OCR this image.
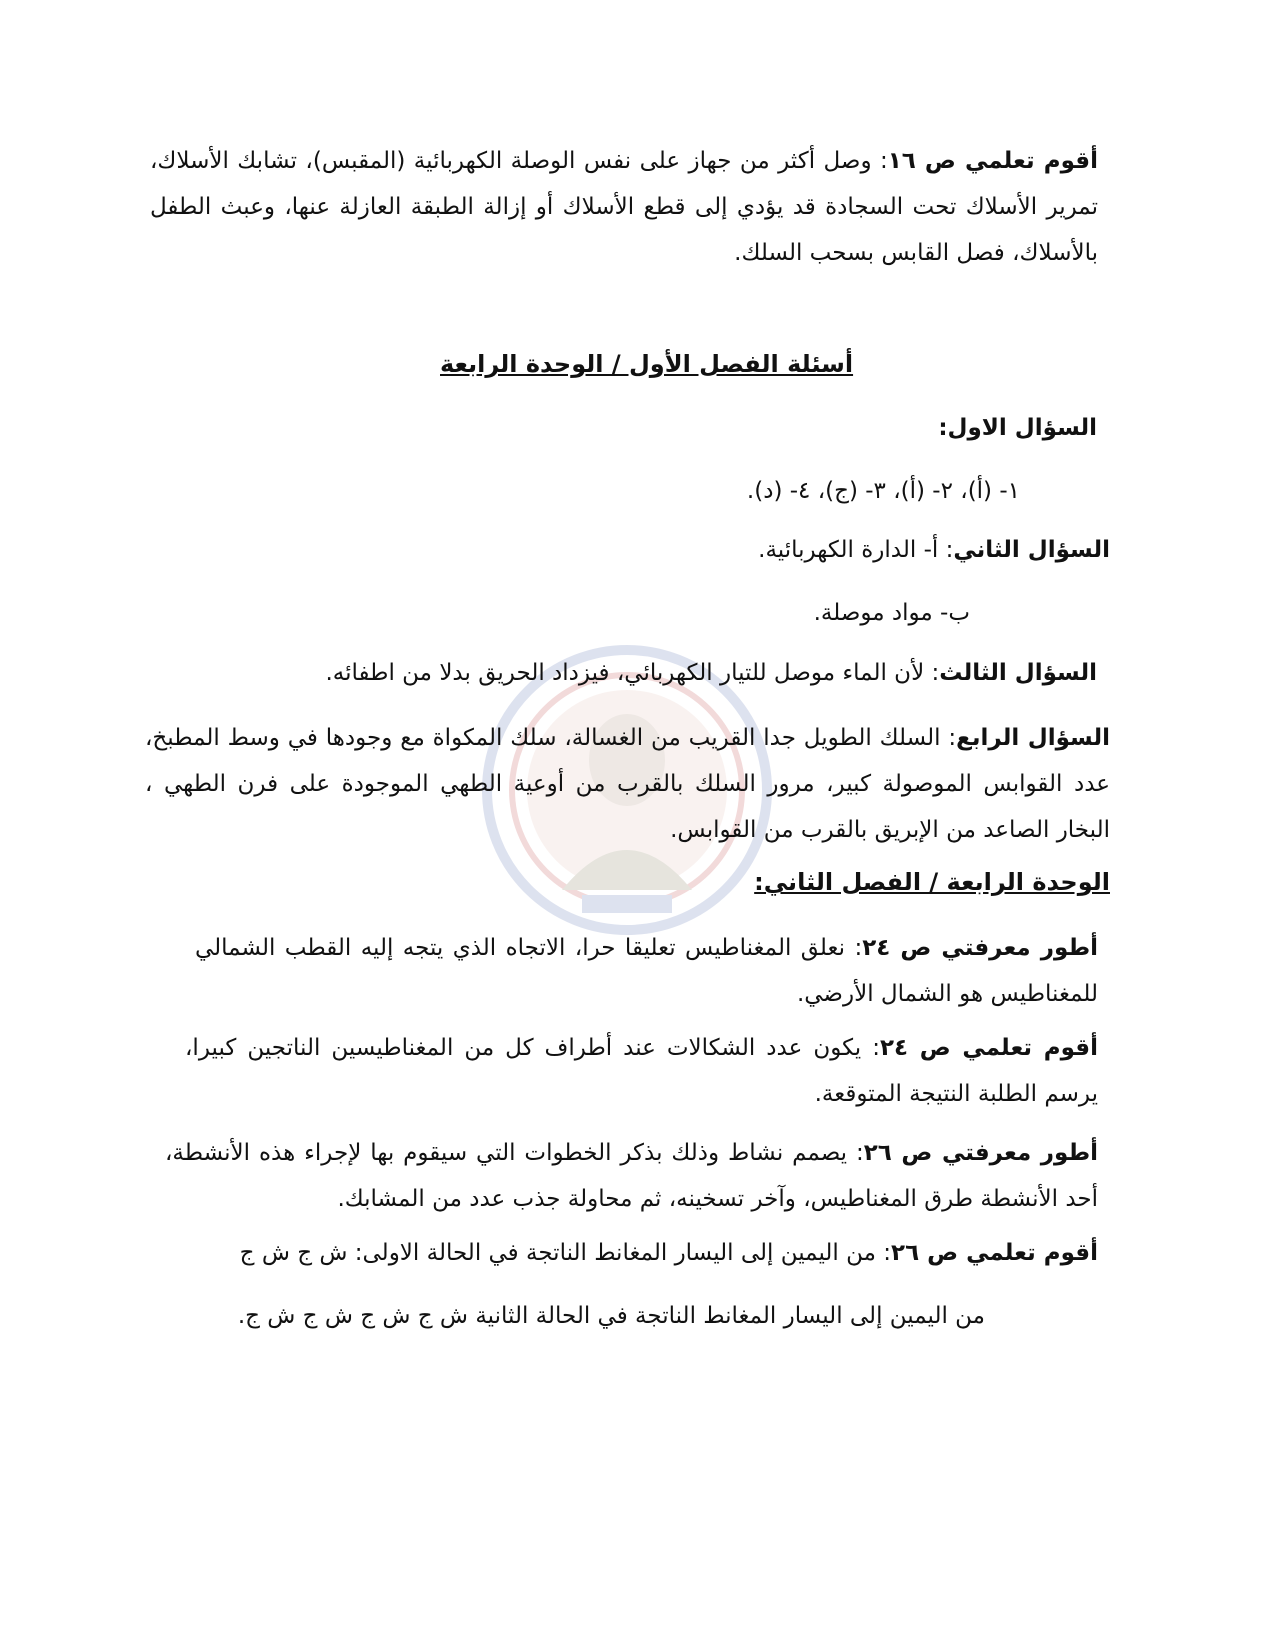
أقوم تعلمي ص ١٦: وصل أكثر من جهاز على نفس الوصلة الكهربائية (المقبس)، تشابك الأسلاك، تمرير الأسلاك تحت السجادة قد يؤدي إلى قطع الأسلاك أو إزالة الطبقة العازلة عنها، وعبث الطفل بالأسلاك، فصل القابس بسحب السلك.

أسئلة الفصل الأول / الوحدة الرابعة

السؤال الاول:

١- (أ)، ٢- (أ)، ٣- (ج)، ٤- (د).

السؤال الثاني: أ- الدارة الكهربائية.

ب- مواد موصلة.

السؤال الثالث: لأن الماء موصل للتيار الكهربائي، فيزداد الحريق بدلا من اطفائه.

السؤال الرابع: السلك الطويل جدا القريب من الغسالة، سلك المكواة مع وجودها في وسط المطبخ، عدد القوابس الموصولة كبير، مرور السلك بالقرب من أوعية الطهي الموجودة على فرن الطهي ، البخار الصاعد من الإبريق بالقرب من القوابس.

الوحدة الرابعة / الفصل الثاني:

أطور معرفتي ص ٢٤: نعلق المغناطيس تعليقا حرا، الاتجاه الذي يتجه إليه القطب الشمالي للمغناطيس هو الشمال الأرضي.

أقوم تعلمي ص ٢٤: يكون عدد الشكالات عند أطراف كل من المغناطيسين الناتجين كبيرا، يرسم الطلبة النتيجة المتوقعة.

أطور معرفتي ص ٢٦: يصمم نشاط وذلك بذكر الخطوات التي سيقوم بها لإجراء هذه الأنشطة، أحد الأنشطة طرق المغناطيس، وآخر تسخينه، ثم محاولة جذب عدد من المشابك.

أقوم تعلمي ص ٢٦: من اليمين إلى اليسار المغانط الناتجة في الحالة الاولى: ش ج ش ج

من اليمين إلى اليسار المغانط الناتجة في الحالة الثانية ش ج ش ج ش ج ش ج.
